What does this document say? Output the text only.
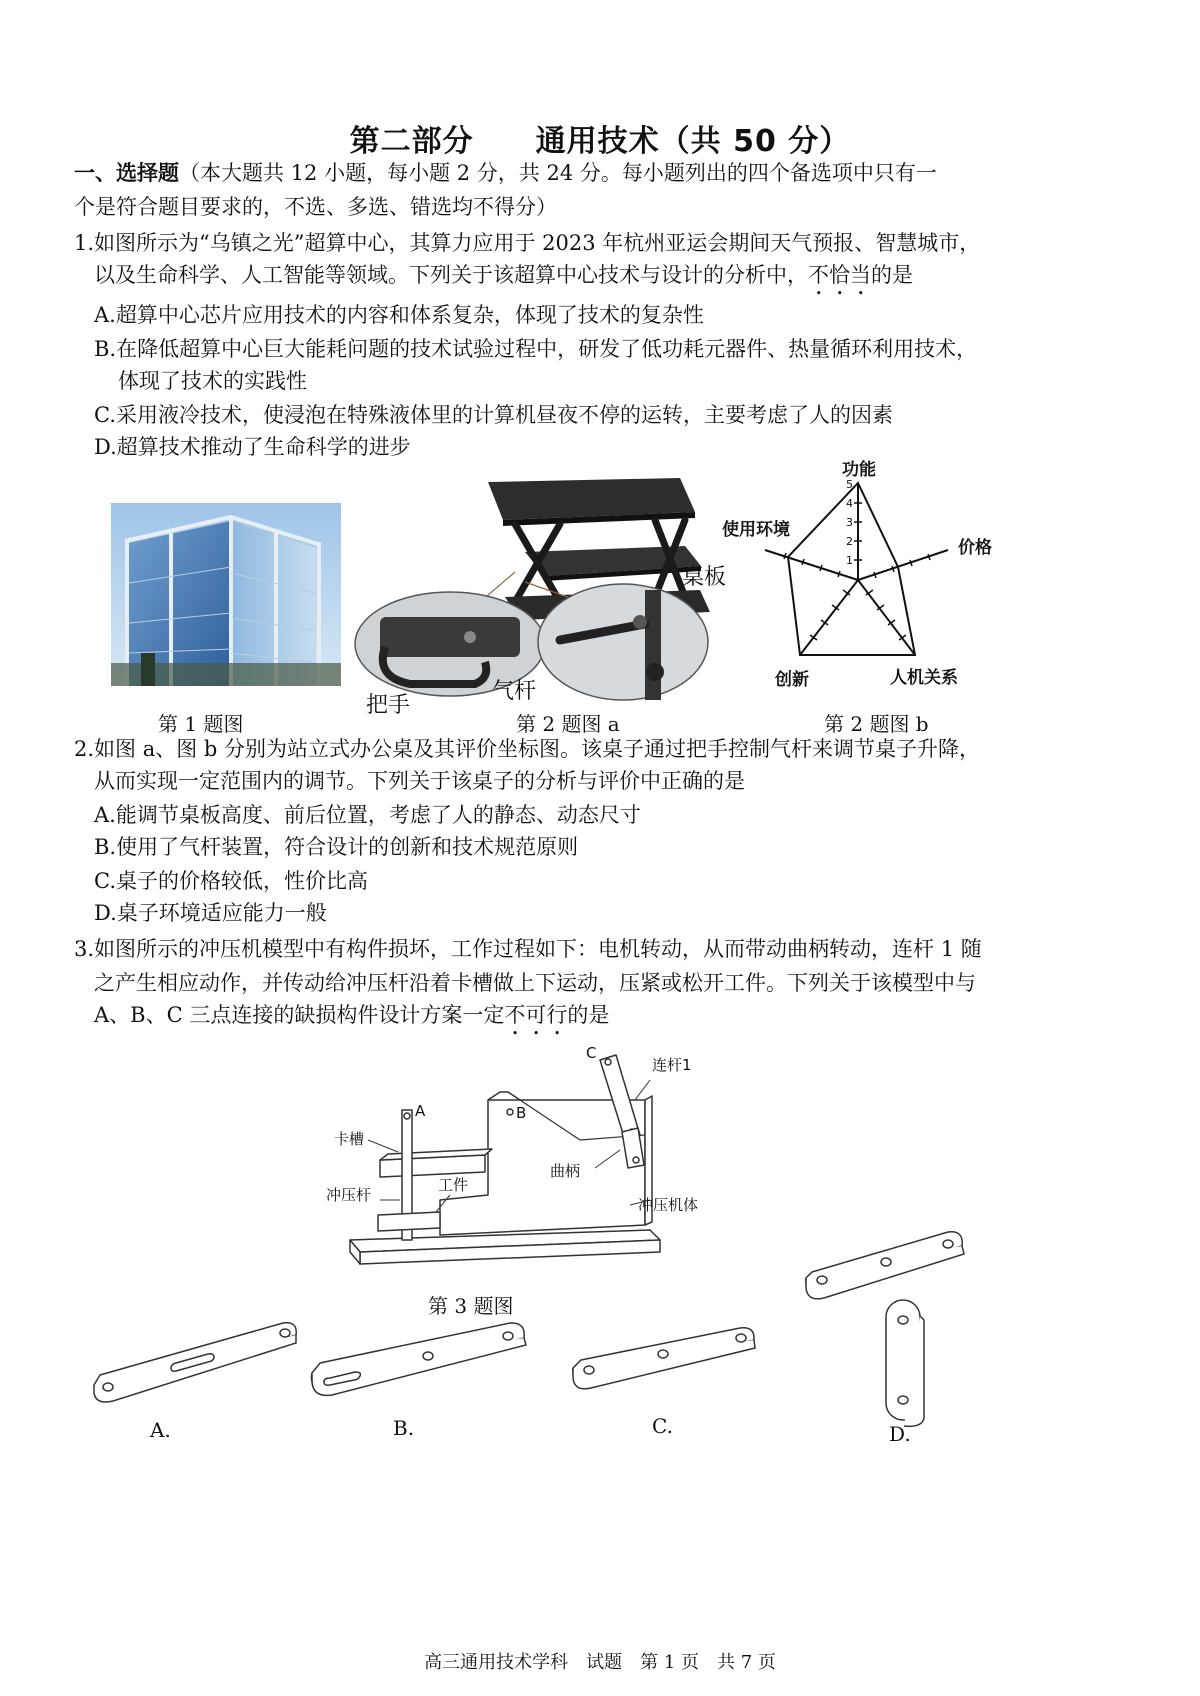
第二部分　　通用技术（共 50 分）
一、选择题（本大题共 12 小题，每小题 2 分，共 24 分。每小题列出的四个备选项中只有一
个是符合题目要求的，不选、多选、错选均不得分）
1.如图所示为“乌镇之光”超算中心，其算力应用于 2023 年杭州亚运会期间天气预报、智慧城市，
以及生命科学、人工智能等领域。下列关于该超算中心技术与设计的分析中，不恰当的是
A.超算中心芯片应用技术的内容和体系复杂，体现了技术的复杂性
B.在降低超算中心巨大能耗问题的技术试验过程中，研发了低功耗元器件、热量循环利用技术，
体现了技术的实践性
C.采用液冷技术，使浸泡在特殊液体里的计算机昼夜不停的运转，主要考虑了人的因素
D.超算技术推动了生命科学的进步
桌板
把手
气杆
1
2
3
4
5
功能
价格
人机关系
创新
使用环境
第 1 题图	第 2 题图 a	第 2 题图 b
2.如图 a、图 b 分别为站立式办公桌及其评价坐标图。该桌子通过把手控制气杆来调节桌子升降，
从而实现一定范围内的调节。下列关于该桌子的分析与评价中正确的是
A.能调节桌板高度、前后位置，考虑了人的静态、动态尺寸
B.使用了气杆装置，符合设计的创新和技术规范原则
C.桌子的价格较低，性价比高
D.桌子环境适应能力一般
3.如图所示的冲压机模型中有构件损坏，工作过程如下：电机转动，从而带动曲柄转动，连杆 1 随
之产生相应动作，并传动给冲压杆沿着卡槽做上下运动，压紧或松开工件。下列关于该模型中与
A、B、C 三点连接的缺损构件设计方案一定不可行的是
A	B
C
连杆1
卡槽
曲柄
冲压杆
工件
冲压机体
第 3 题图
A.	B.	C.	D.
高三通用技术学科　试题　第 1 页　共 7 页
